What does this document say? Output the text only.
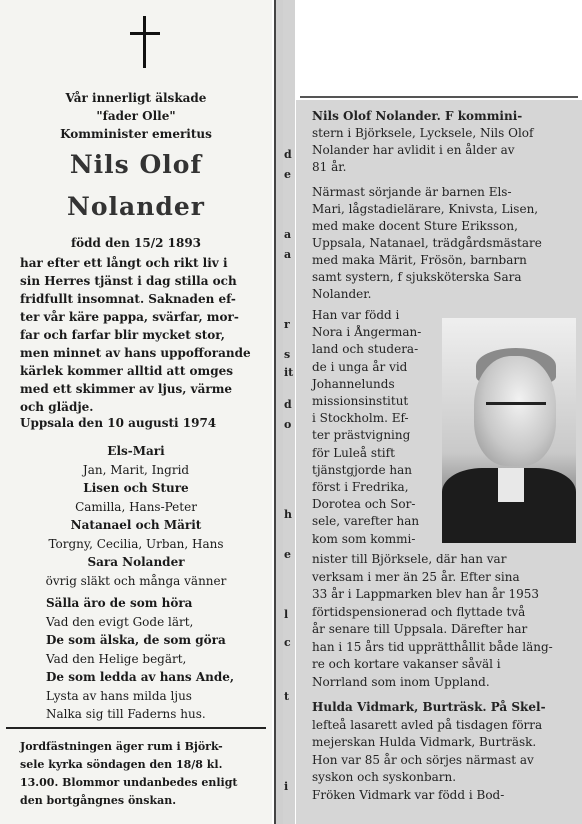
Vår innerligt älskade
"fader Olle"
Komminister emeritus
Nils Olof
Nolander
född den 15/2 1893
har efter ett långt och rikt liv i
sin Herres tjänst i dag stilla och
fridfullt insomnat. Saknaden ef-
ter vår käre pappa, svärfar, mor-
far och farfar blir mycket stor,
men minnet av hans uppofforande
kärlek kommer alltid att omges
med ett skimmer av ljus, värme
och glädje.
Uppsala den 10 augusti 1974
Els-Mari
Jan, Marit, Ingrid
Lisen och Sture
Camilla, Hans-Peter
Natanael och Märit
Torgny, Cecilia, Urban, Hans
Sara Nolander
övrig släkt och många vänner
Sälla äro de som höra
Vad den evigt Gode lärt,
De som älska, de som göra
Vad den Helige begärt,
De som ledda av hans Ande,
Lysta av hans milda ljus
Nalka sig till Faderns hus.
Jordfästningen äger rum i Björk-
sele kyrka söndagen den 18/8 kl.
13.00. Blommor undanbedes enligt
den bortgångnes önskan.
d
e
a
a
r
s
it
d
o
h
e
l
c
t
i
Nils Olof Nolander. F kommini-
stern i Björksele, Lycksele, Nils Olof
Nolander har avlidit i en ålder av
81 år.
Närmast sörjande är barnen Els-
Mari, lågstadielärare, Knivsta, Lisen,
med make docent Sture Eriksson,
Uppsala, Natanael, trädgårdsmästare
med maka Märit, Frösön, barnbarn
samt systern, f sjuksköterska Sara
Nolander.
Han var född i
Nora i Ångerman-
land och studera-
de i unga år vid
Johannelunds
missionsinstitut
i Stockholm. Ef-
ter prästvigning
för Luleå stift
tjänstgjorde han
först i Fredrika,
Dorotea och Sor-
sele, varefter han
kom som kommi-
nister till Björksele, där han var
verksam i mer än 25 år. Efter sina
33 år i Lappmarken blev han år 1953
förtidspensionerad och flyttade två
år senare till Uppsala. Därefter har
han i 15 års tid upprätthållit både läng-
re och kortare vakanser såväl i
Norrland som inom Uppland.
Hulda Vidmark, Burträsk. På Skel-
lefteå lasarett avled på tisdagen förra
mejerskan Hulda Vidmark, Burträsk.
Hon var 85 år och sörjes närmast av
syskon och syskonbarn.
Fröken Vidmark var född i Bod-
